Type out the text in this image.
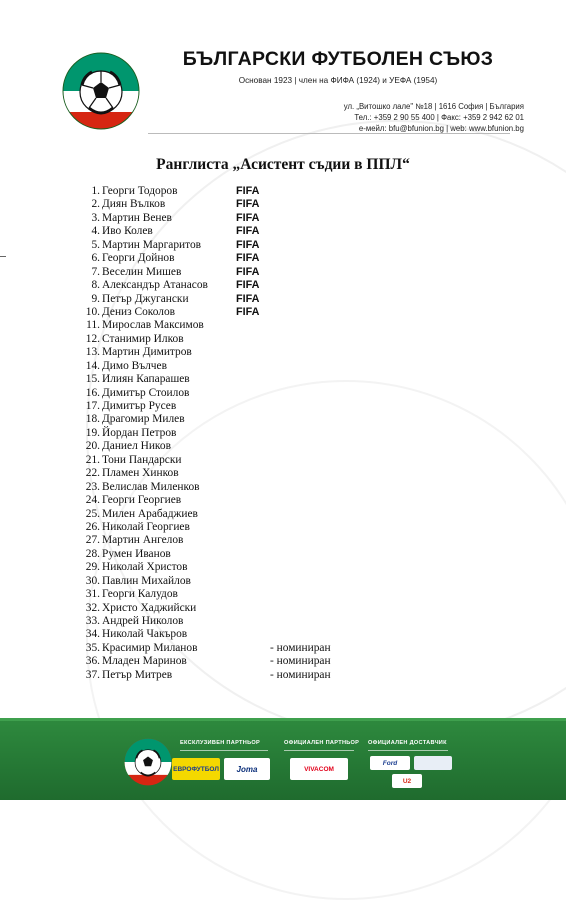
БЪЛГАРСКИ ФУТБОЛЕН СЪЮЗ
Основан 1923 | член на ФИФА (1924) и УЕФА (1954)
ул. „Витошко лале" №18 | 1616 София | България
Тел.: +359 2 90 55 400 | Факс: +359 2 942 62 01
е-мейл: bfu@bfunion.bg | web: www.bfunion.bg
Ранглиста „Асистент съдии в ППЛ“
1. Георги Тодоров	FIFA
2. Диян Вълков	FIFA
3. Мартин Венев	FIFA
4. Иво Колев	FIFA
5. Мартин Маргаритов	FIFA
6. Георги Дойнов	FIFA
7. Веселин Мишев	FIFA
8. Александър Атанасов	FIFA
9. Петър Джугански	FIFA
10. Дениз Соколов	FIFA
11. Мирослав Максимов
12. Станимир Илков
13. Мартин Димитров
14. Димо Вълчев
15. Илиян Капарашев
16. Димитър Стоилов
17. Димитър Русев
18. Драгомир Милев
19. Йордан Петров
20. Даниел Ников
21. Тони Пандарски
22. Пламен Хинков
23. Велислав Миленков
24. Георги Георгиев
25. Милен Арабаджиев
26. Николай Георгиев
27. Мартин Ангелов
28. Румен Иванов
29. Николай Христов
30. Павлин Михайлов
31. Георги Калудов
32. Христо Хаджийски
33. Андрей Николов
34. Николай Чакъров
35. Красимир Миланов	- номиниран
36. Младен Маринов	- номиниран
37. Петър Митрев	- номиниран
ЕКСКЛУЗИВЕН ПАРТНЬОР
ЕВРОФУТБОЛ	Joma
ОФИЦИАЛЕН ПАРТНЬОР
VIVACOM
ОФИЦИАЛЕН ДОСТАВЧИК
Ford
U2
